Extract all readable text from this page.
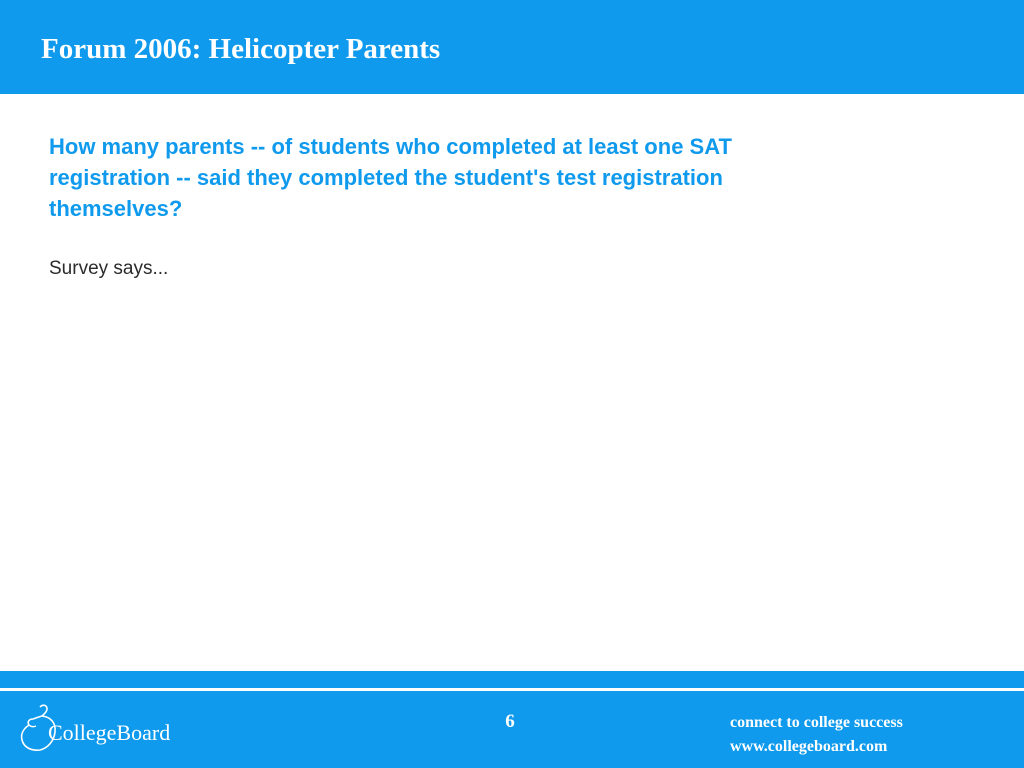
Forum 2006: Helicopter Parents

How many parents -- of students who completed at least one SAT registration -- said they completed the student's test registration themselves?

Survey says...

CollegeBoard	6	connect to college success
www.collegeboard.com
